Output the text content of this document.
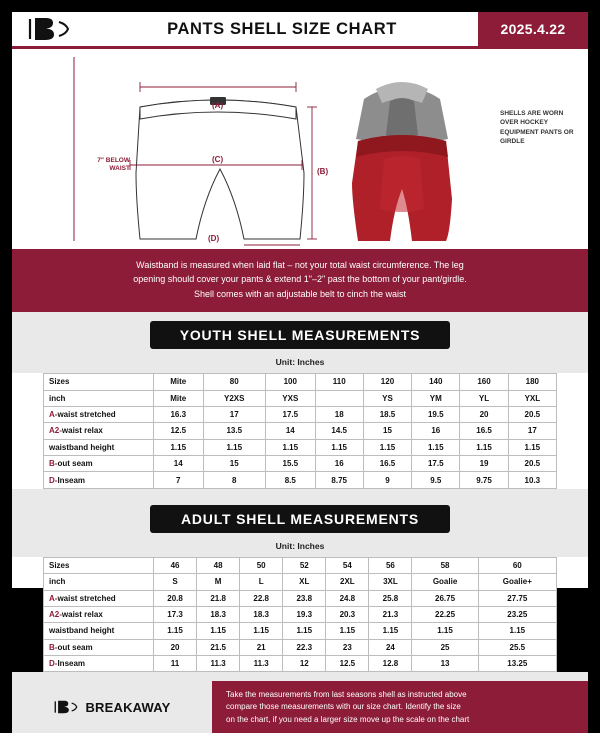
PANTS SHELL SIZE CHART	2025.4.22
(A)
(C)
(B)
(D)
7" BELOW WAIST
SHELLS ARE WORN OVER HOCKEY EQUIPMENT PANTS OR GIRDLE
Waistband is measured when laid flat – not your total waist circumference. The leg
opening should cover your pants & extend 1"–2" past the bottom of your pant/girdle.
Shell comes with an adjustable belt to cinch the waist
YOUTH SHELL MEASUREMENTS
Unit: Inches
Sizes	Mite	80	100	110	120	140	160	180
inch	Mite	Y2XS	YXS		YS	YM	YL	YXL
A-waist stretched	16.3	17	17.5	18	18.5	19.5	20	20.5
A2-waist relax	12.5	13.5	14	14.5	15	16	16.5	17
waistband height	1.15	1.15	1.15	1.15	1.15	1.15	1.15	1.15
B-out seam	14	15	15.5	16	16.5	17.5	19	20.5
D-Inseam	7	8	8.5	8.75	9	9.5	9.75	10.3
ADULT SHELL MEASUREMENTS
Unit: Inches
Sizes	46	48	50	52	54	56	58	60
inch	S	M	L	XL	2XL	3XL	Goalie	Goalie+
A-waist stretched	20.8	21.8	22.8	23.8	24.8	25.8	26.75	27.75
A2-waist relax	17.3	18.3	18.3	19.3	20.3	21.3	22.25	23.25
waistband height	1.15	1.15	1.15	1.15	1.15	1.15	1.15	1.15
B-out seam	20	21.5	21	22.3	23	24	25	25.5
D-Inseam	11	11.3	11.3	12	12.5	12.8	13	13.25
BREAKAWAY
Take the measurements from last seasons shell as instructed above
compare those measurements with our size chart. Identify the size
on the chart, if you need a larger size move up the scale on the chart
